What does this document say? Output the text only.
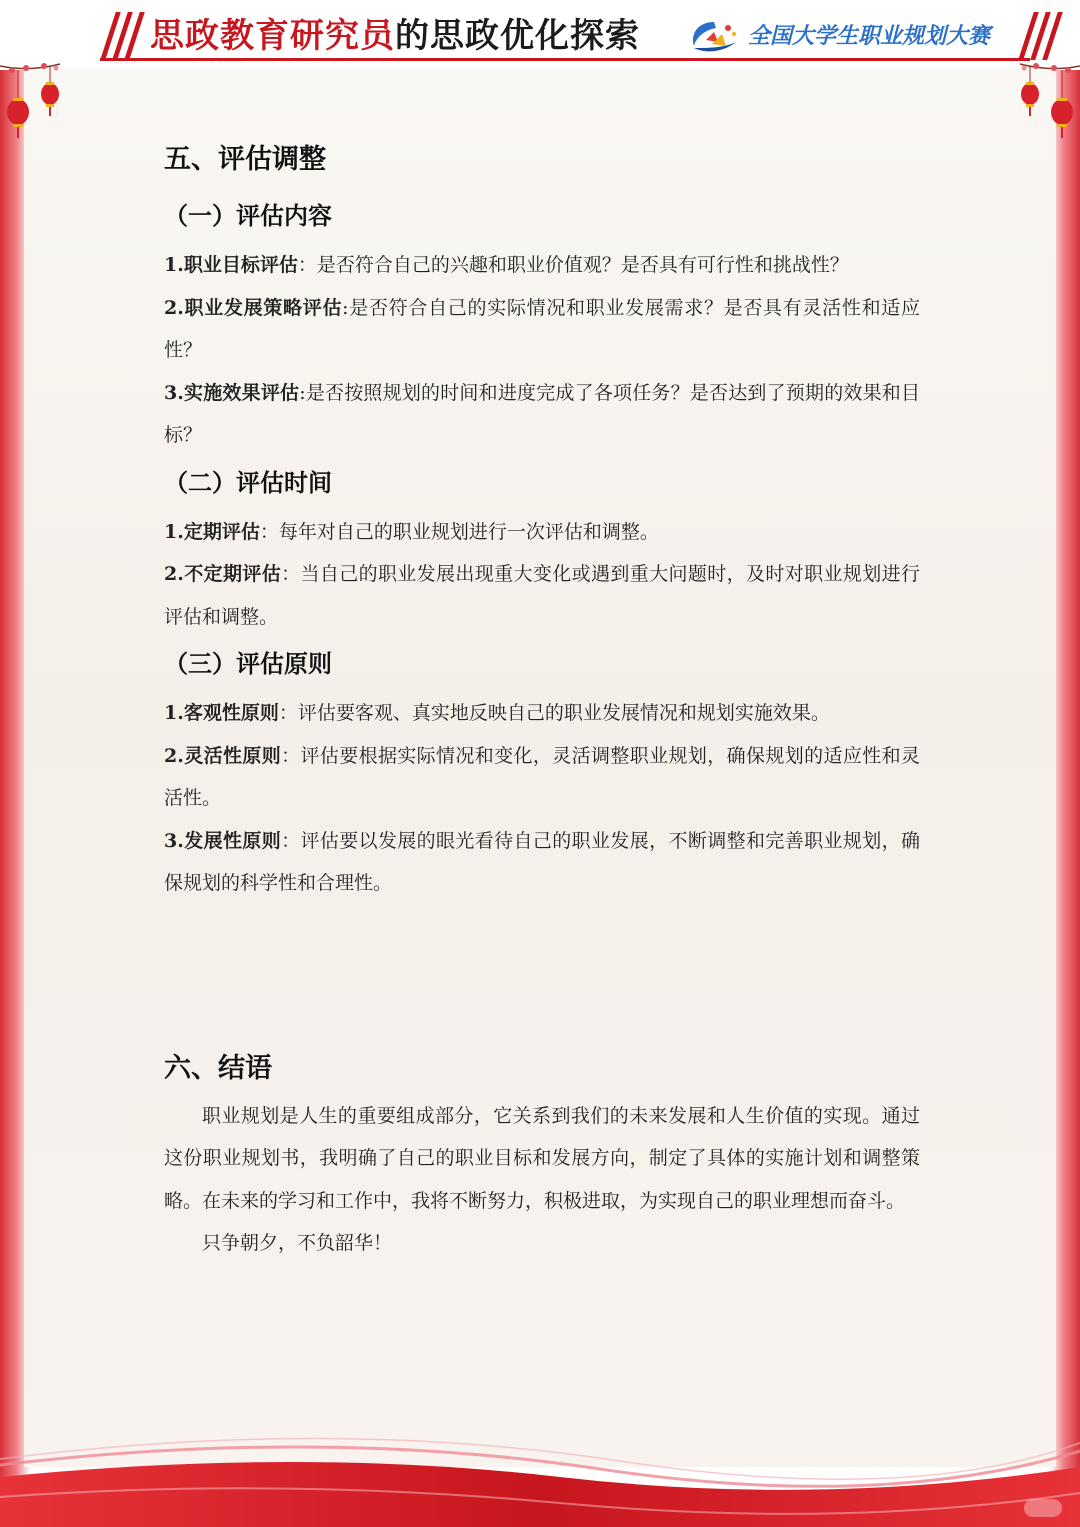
思政教育研究员的思政优化探索	全国大学生职业规划大赛
五、评估调整
（一）评估内容

1.职业目标评估：是否符合自己的兴趣和职业价值观？是否具有可行性和挑战性？

2.职业发展策略评估:是否符合自己的实际情况和职业发展需求？是否具有灵活性和适应性？

3.实施效果评估:是否按照规划的时间和进度完成了各项任务？是否达到了预期的效果和目标？

（二）评估时间

1.定期评估：每年对自己的职业规划进行一次评估和调整。

2.不定期评估：当自己的职业发展出现重大变化或遇到重大问题时，及时对职业规划进行评估和调整。

（三）评估原则

1.客观性原则：评估要客观、真实地反映自己的职业发展情况和规划实施效果。

2.灵活性原则：评估要根据实际情况和变化，灵活调整职业规划，确保规划的适应性和灵活性。

3.发展性原则：评估要以发展的眼光看待自己的职业发展，不断调整和完善职业规划，确保规划的科学性和合理性。

六、结语

职业规划是人生的重要组成部分，它关系到我们的未来发展和人生价值的实现。通过这份职业规划书，我明确了自己的职业目标和发展方向，制定了具体的实施计划和调整策略。在未来的学习和工作中，我将不断努力，积极进取，为实现自己的职业理想而奋斗。

只争朝夕，不负韶华！
